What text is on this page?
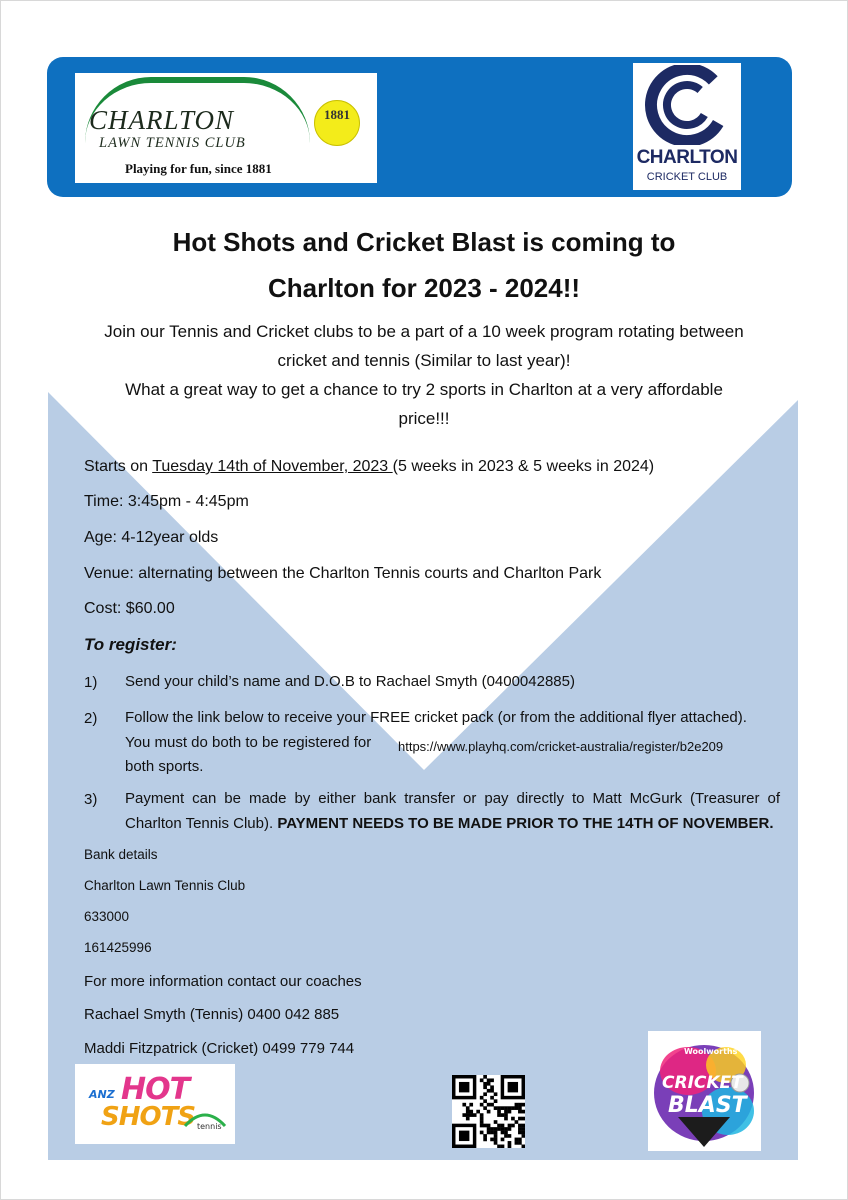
CHARLTON
LAWN TENNIS CLUB
1881
Playing for fun, since 1881
CHARLTON
CRICKET CLUB
Hot Shots and Cricket Blast is coming to
Charlton for 2023 - 2024!!
Join our Tennis and Cricket clubs to be a part of a 10 week program rotating between
cricket and tennis (Similar to last year)!
What a great way to get a chance to try 2 sports in Charlton at a very affordable
price!!!
Starts on Tuesday 14th of November, 2023 (5 weeks in 2023 & 5 weeks in 2024)
Time: 3:45pm - 4:45pm
Age: 4-12year olds
Venue: alternating between the Charlton Tennis courts and Charlton Park
Cost: $60.00
To register:
1) Send your child’s name and D.O.B to Rachael Smyth (0400042885)
2) Follow the link below to receive your FREE cricket pack (or from the additional flyer attached).
You must do both to be registered for
both sports.
https://www.playhq.com/cricket-australia/register/b2e209
3) Payment can be made by either bank transfer or pay directly to Matt McGurk (Treasurer of Charlton Tennis Club). PAYMENT NEEDS TO BE MADE PRIOR TO THE 14TH OF NOVEMBER.
Bank details
Charlton Lawn Tennis Club
633000
161425996
For more information contact our coaches
Rachael Smyth (Tennis) 0400 042 885
Maddi Fitzpatrick (Cricket) 0499 779 744
ANZ HOT
SHOTS tennis
Woolworths
CRICKET
BLAST
